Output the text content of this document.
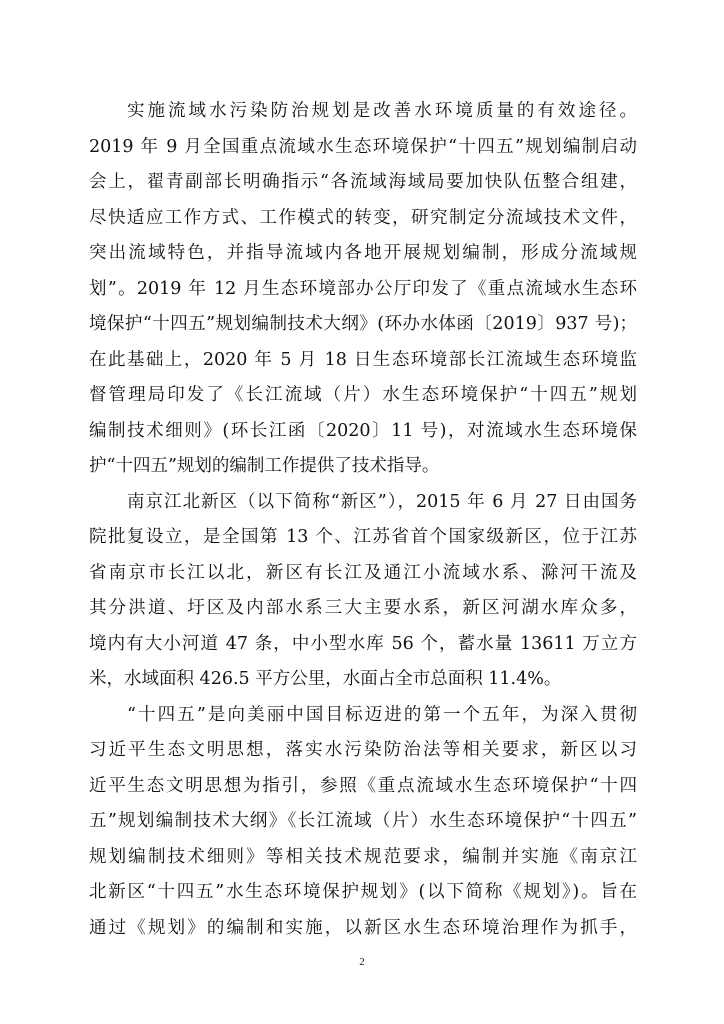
实施流域水污染防治规划是改善水环境质量的有效途径。
2019 年 9 月全国重点流域水生态环境保护“十四五”规划编制启动
会上，翟青副部长明确指示“各流域海域局要加快队伍整合组建，
尽快适应工作方式、工作模式的转变，研究制定分流域技术文件，
突出流域特色，并指导流域内各地开展规划编制，形成分流域规
划”。2019 年 12 月生态环境部办公厅印发了《重点流域水生态环
境保护“十四五”规划编制技术大纲》(环办水体函〔2019〕937 号)；
在此基础上，2020 年 5 月 18 日生态环境部长江流域生态环境监
督管理局印发了《长江流域（片）水生态环境保护“十四五”规划
编制技术细则》(环长江函〔2020〕11 号)，对流域水生态环境保
护“十四五”规划的编制工作提供了技术指导。
南京江北新区（以下简称“新区”），2015 年 6 月 27 日由国务
院批复设立，是全国第 13 个、江苏省首个国家级新区，位于江苏
省南京市长江以北，新区有长江及通江小流域水系、滁河干流及
其分洪道、圩区及内部水系三大主要水系，新区河湖水库众多，
境内有大小河道 47 条，中小型水库 56 个，蓄水量 13611 万立方
米，水域面积 426.5 平方公里，水面占全市总面积 11.4%。
“十四五”是向美丽中国目标迈进的第一个五年，为深入贯彻
习近平生态文明思想，落实水污染防治法等相关要求，新区以习
近平生态文明思想为指引，参照《重点流域水生态环境保护“十四
五”规划编制技术大纲》《长江流域（片）水生态环境保护“十四五”
规划编制技术细则》等相关技术规范要求，编制并实施《南京江
北新区“十四五”水生态环境保护规划》(以下简称《规划》)。旨在
通过《规划》的编制和实施，以新区水生态环境治理作为抓手，
2
